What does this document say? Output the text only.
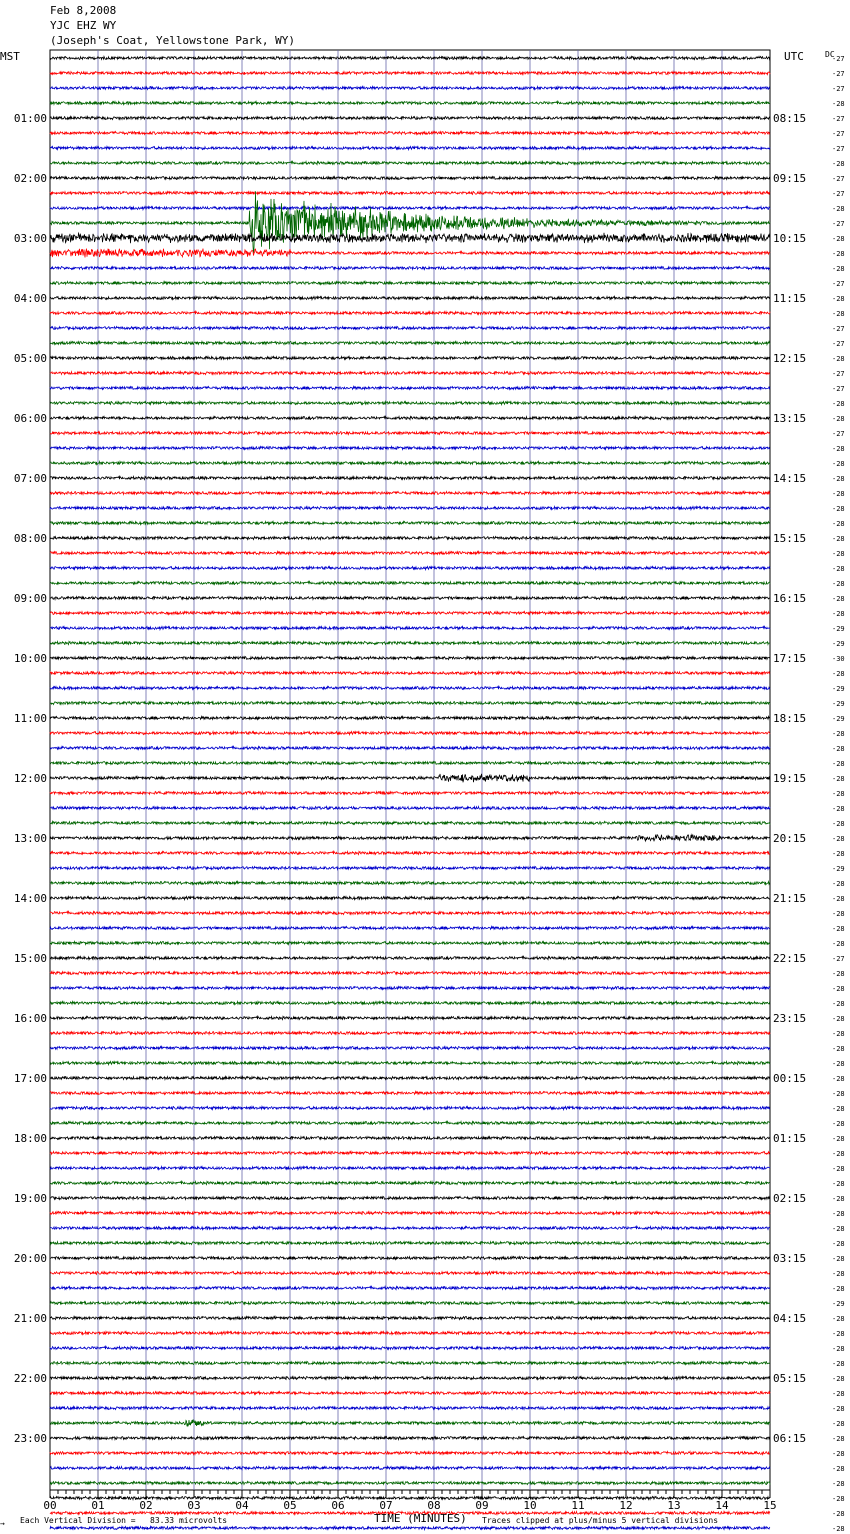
Feb 8,2008
YJC EHZ WY
(Joseph's Coat, Yellowstone Park, WY)
MST	UTC	DC
00	01	02	03	04	05	06	07	08	09	10	11	12	13	14	15
-27
-27
-27
-28
-27
-27
-27
-28
-27
-27
-28
-27
-28
-28
-28
-27
-28
-28
-27
-27
-28
-27
-27
-28
-28
-27
-28
-28
-28
-28
-28
-28
-28
-28
-28
-28
-28
-28
-29
-29
-30
-28
-29
-29
-29
-28
-28
-28
-28
-28
-28
-28
-28
-28
-29
-28
-28
-28
-28
-28
-27
-28
-28
-28
-28
-28
-28
-28
-28
-28
-28
-28
-28
-28
-28
-28
-28
-28
-28
-28
-28
-28
-28
-29
-28
-28
-28
-28
-28
-28
-28
-28
-28
-28
-28
-28
-28
-28
-28
01:00
02:00
03:00
04:00
05:00
06:00
07:00
08:00
09:00
10:00
11:00
12:00
13:00
14:00
15:00
16:00
17:00
18:00
19:00
20:00
21:00
22:00
23:00
08:15
09:15
10:15
11:15
12:15
13:15
14:15
15:15
16:15
17:15
18:15
19:15
20:15
21:15
22:15
23:15
00:15
01:15
02:15
03:15
04:15
05:15
06:15
TIME (MINUTES)
→ Each Vertical Division =   83.33 microvolts	Traces clipped at plus/minus 5 vertical divisions
